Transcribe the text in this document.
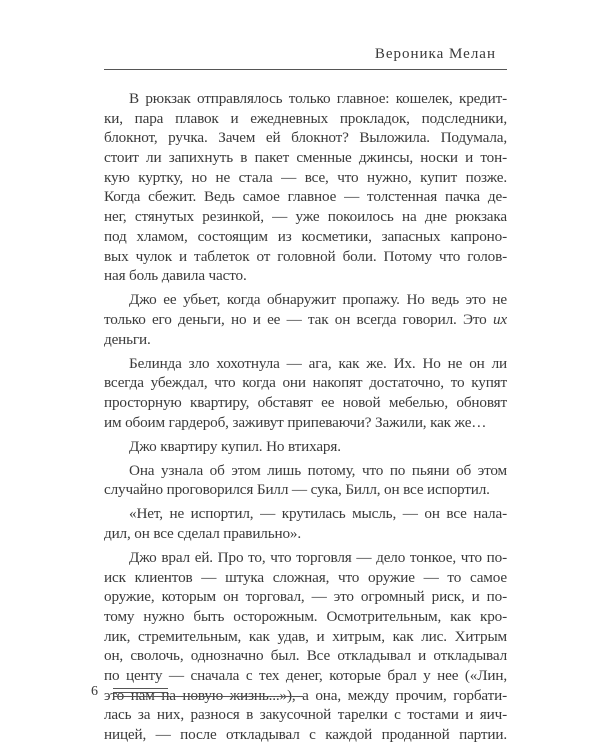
Вероника Мелан
В рюкзак отправлялось только главное: кошелек, кредит-
ки, пара плавок и ежедневных прокладок, подследники,
блокнот, ручка. Зачем ей блокнот? Выложила. Подумала,
стоит ли запихнуть в пакет сменные джинсы, носки и тон-
кую куртку, но не стала — все, что нужно, купит позже.
Когда сбежит. Ведь самое главное — толстенная пачка де-
нег, стянутых резинкой, — уже покоилось на дне рюкзака
под хламом, состоящим из косметики, запасных капроно-
вых чулок и таблеток от головной боли. Потому что голов-
ная боль давила часто.
Джо ее убьет, когда обнаружит пропажу. Но ведь это не
только его деньги, но и ее — так он всегда говорил. Это их
деньги.
Белинда зло хохотнула — ага, как же. Их. Но не он ли
всегда убеждал, что когда они накопят достаточно, то купят
просторную квартиру, обставят ее новой мебелью, обновят
им обоим гардероб, заживут припеваючи? Зажили, как же…
Джо квартиру купил. Но втихаря.
Она узнала об этом лишь потому, что по пьяни об этом
случайно проговорился Билл — сука, Билл, он все испортил.
«Нет, не испортил, — крутилась мысль, — он все нала-
дил, он все сделал правильно».
Джо врал ей. Про то, что торговля — дело тонкое, что по-
иск клиентов — штука сложная, что оружие — то самое
оружие, которым он торговал, — это огромный риск, и по-
тому нужно быть осторожным. Осмотрительным, как кро-
лик, стремительным, как удав, и хитрым, как лис. Хитрым
он, сволочь, однозначно был. Все откладывал и откладывал
по центу — сначала с тех денег, которые брал у нее («Лин,
это нам на новую жизнь...»), а она, между прочим, горбати-
лась за них, разнося в закусочной тарелки с тостами и яич-
ницей, — после откладывал с каждой проданной партии.
6
